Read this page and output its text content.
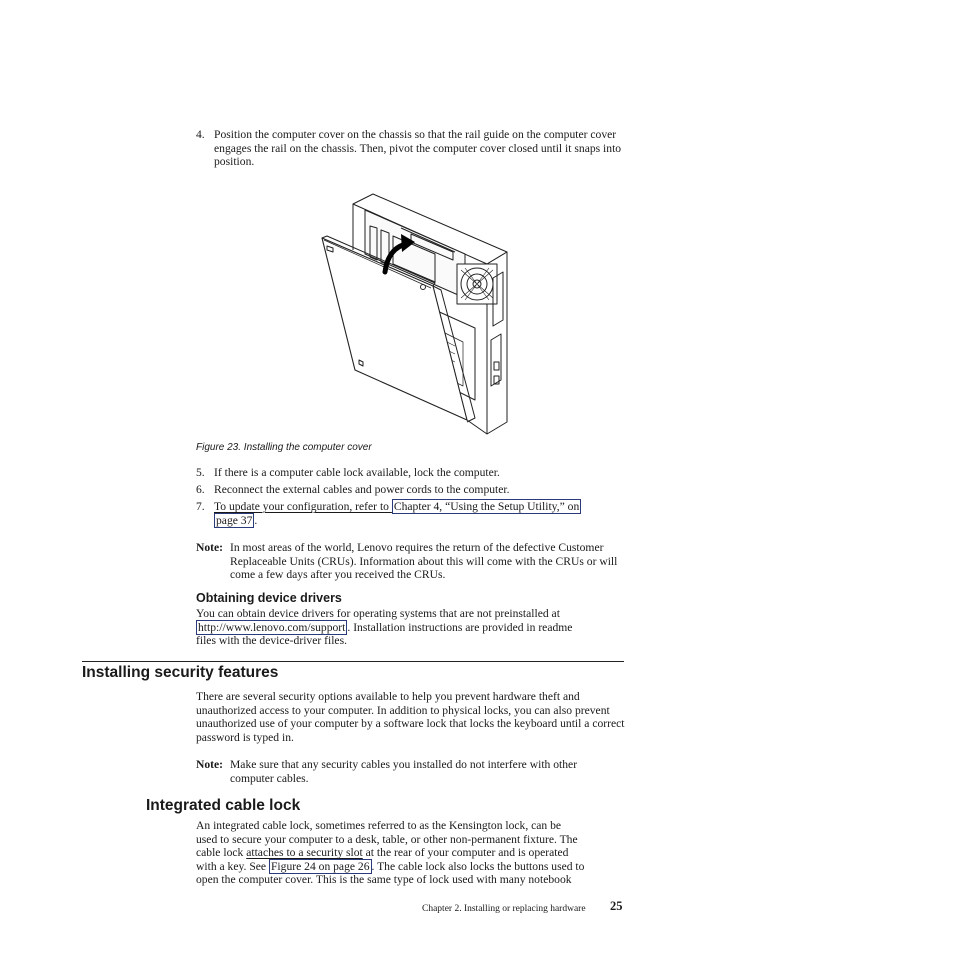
4. Position the computer cover on the chassis so that the rail guide on the computer cover engages the rail on the chassis. Then, pivot the computer cover closed until it snaps into position.
Figure 23. Installing the computer cover
5. If there is a computer cable lock available, lock the computer.
6. Reconnect the external cables and power cords to the computer.
7. To update your configuration, refer to Chapter 4, “Using the Setup Utility,” on
page 37 .
Note: In most areas of the world, Lenovo requires the return of the defective Customer Replaceable Units (CRUs). Information about this will come with the CRUs or will come a few days after you received the CRUs.
Obtaining device drivers
You can obtain device drivers for operating systems that are not preinstalled at
http://www.lenovo.com/support . Installation instructions are provided in readme
files with the device-driver files.
Installing security features
There are several security options available to help you prevent hardware theft and unauthorized access to your computer. In addition to physical locks, you can also prevent unauthorized use of your computer by a software lock that locks the keyboard until a correct password is typed in.
Note: Make sure that any security cables you installed do not interfere with other computer cables.
Integrated cable lock
An integrated cable lock, sometimes referred to as the Kensington lock, can be
used to secure your computer to a desk, table, or other non-permanent fixture. The
cable lock attaches to a security slot at the rear of your computer and is operated
with a key. See Figure 24 on page 26 . The cable lock also locks the buttons used to
open the computer cover. This is the same type of lock used with many notebook
Chapter 2. Installing or replacing hardware 25
